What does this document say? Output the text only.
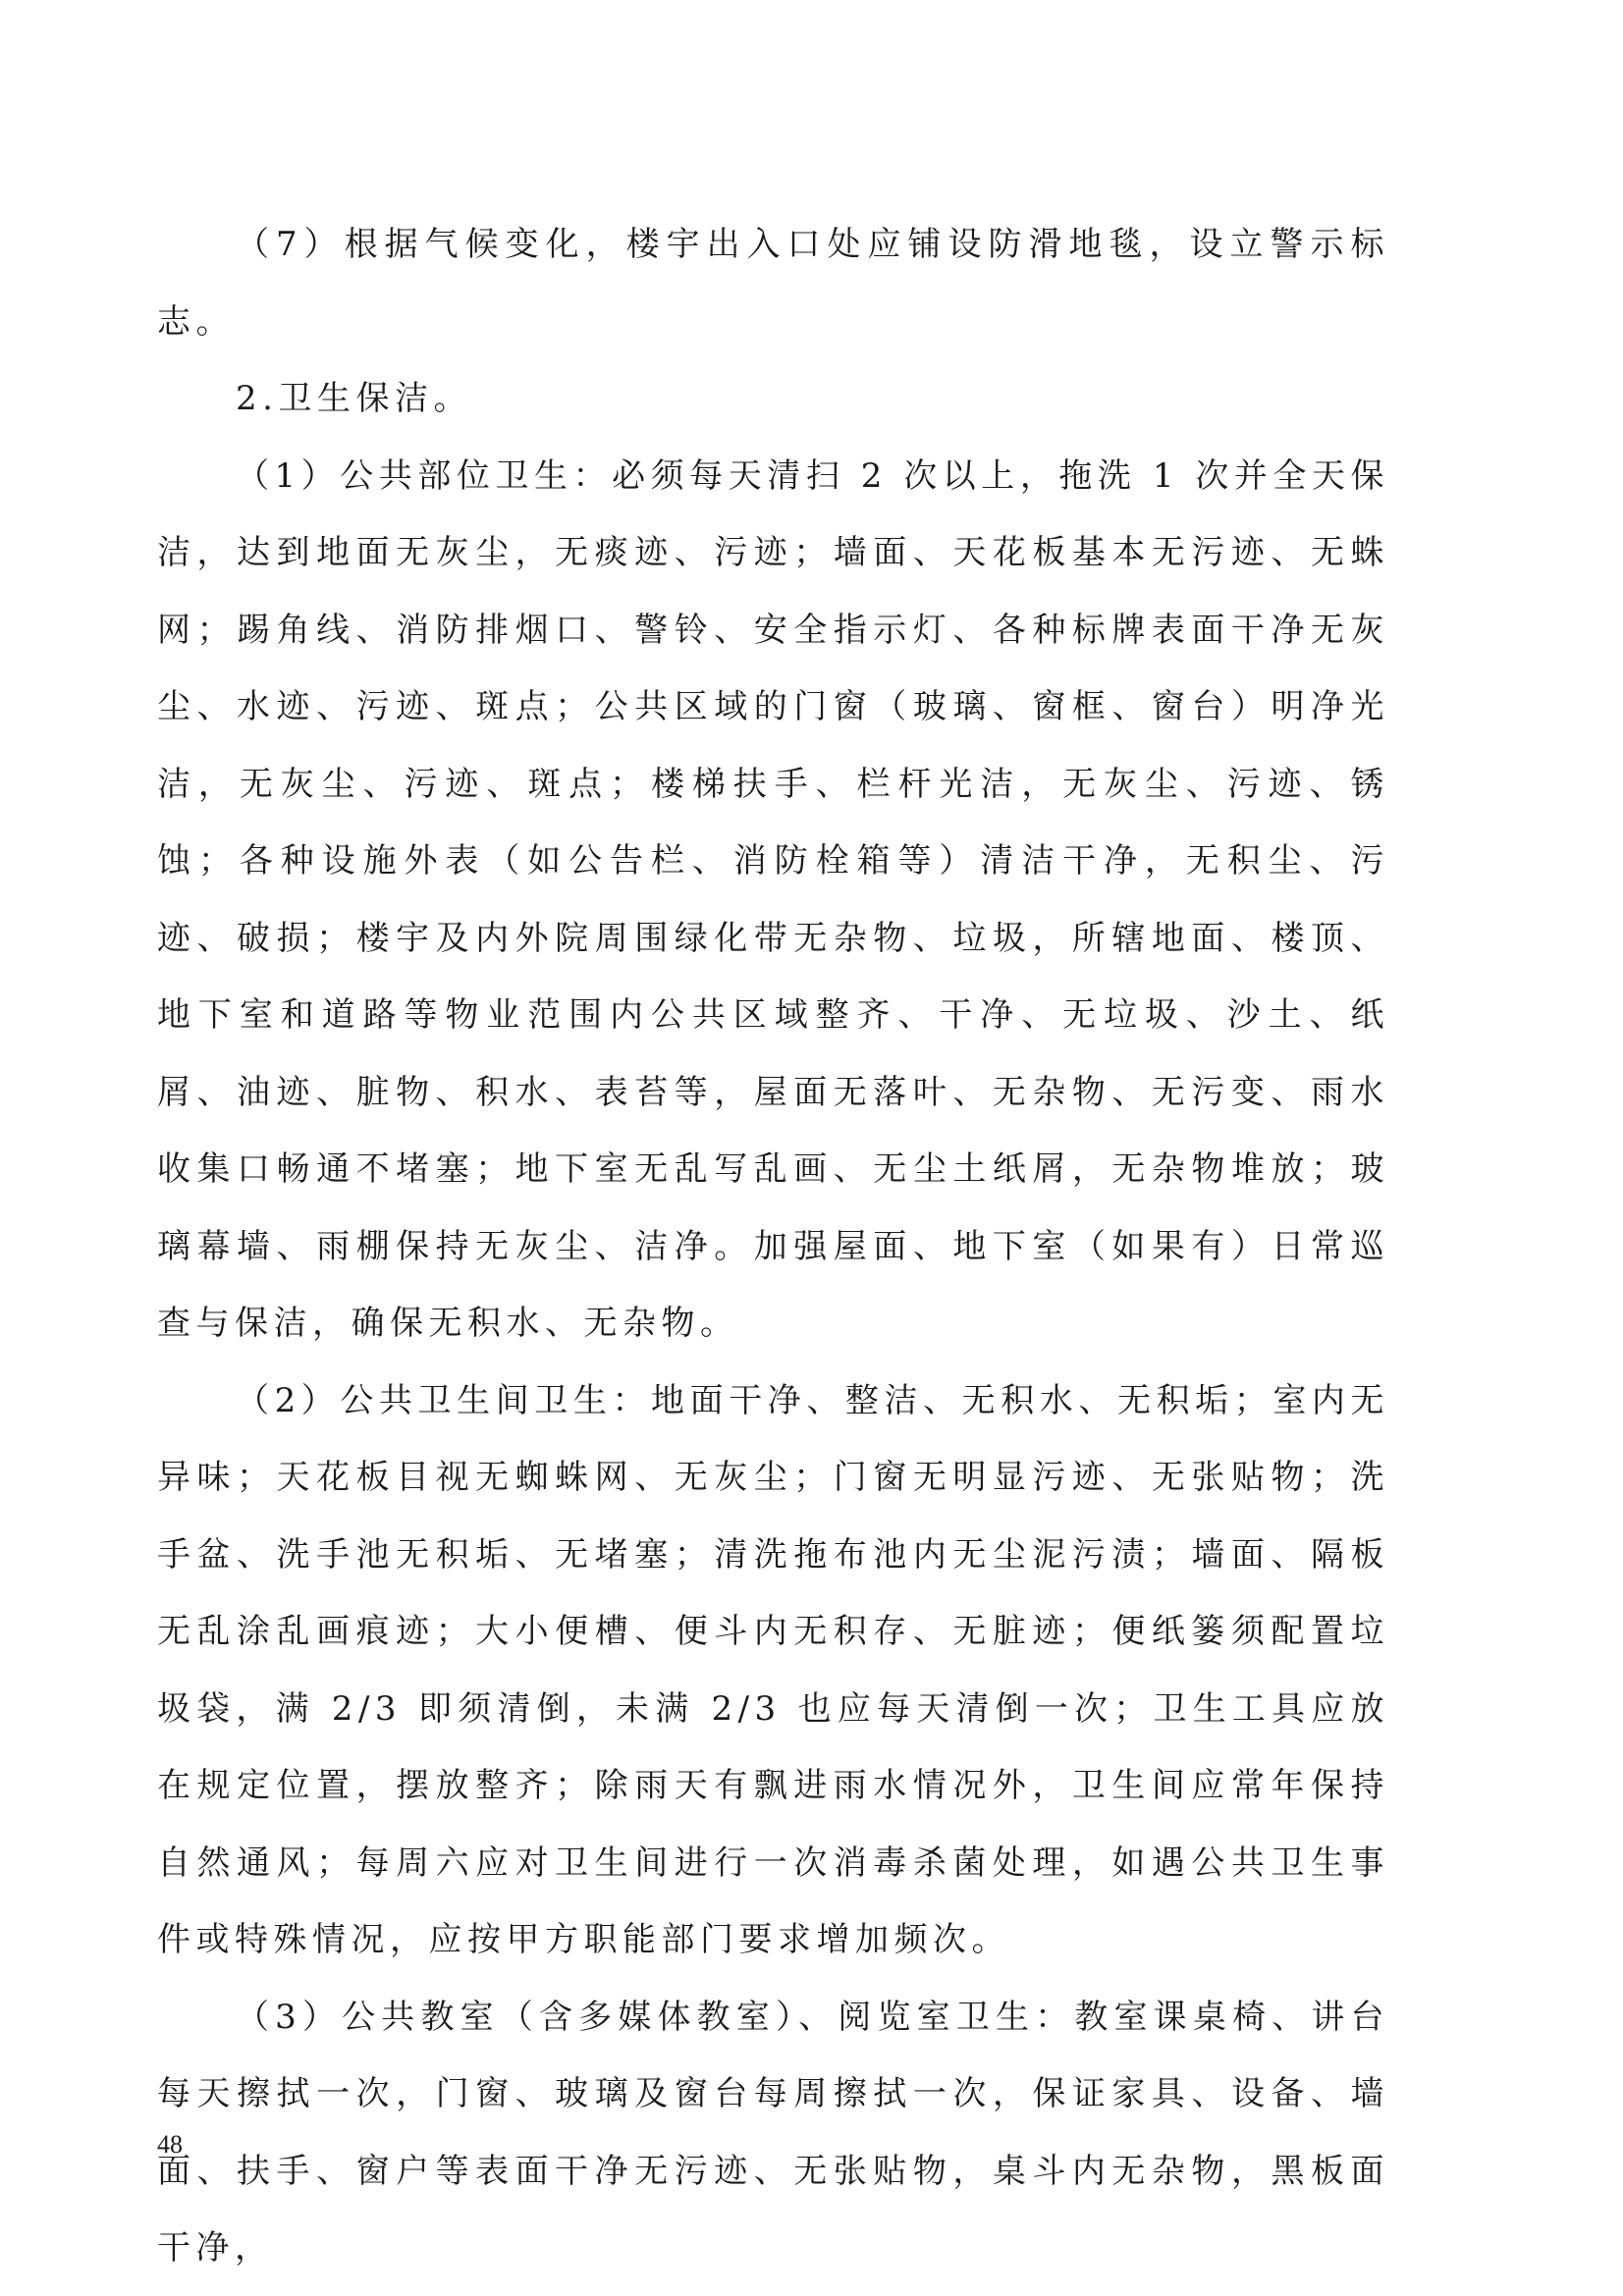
（7）根据气候变化，楼宇出入口处应铺设防滑地毯，设立警示标志。

2.卫生保洁。

（1）公共部位卫生：必须每天清扫 2 次以上，拖洗 1 次并全天保洁，达到地面无灰尘，无痰迹、污迹；墙面、天花板基本无污迹、无蛛网；踢角线、消防排烟口、警铃、安全指示灯、各种标牌表面干净无灰尘、水迹、污迹、斑点；公共区域的门窗（玻璃、窗框、窗台）明净光洁，无灰尘、污迹、斑点；楼梯扶手、栏杆光洁，无灰尘、污迹、锈蚀；各种设施外表（如公告栏、消防栓箱等）清洁干净，无积尘、污迹、破损；楼宇及内外院周围绿化带无杂物、垃圾，所辖地面、楼顶、地下室和道路等物业范围内公共区域整齐、干净、无垃圾、沙土、纸屑、油迹、脏物、积水、表苔等，屋面无落叶、无杂物、无污变、雨水收集口畅通不堵塞；地下室无乱写乱画、无尘土纸屑，无杂物堆放；玻璃幕墙、雨棚保持无灰尘、洁净。加强屋面、地下室（如果有）日常巡查与保洁，确保无积水、无杂物。

（2）公共卫生间卫生：地面干净、整洁、无积水、无积垢；室内无异味；天花板目视无蜘蛛网、无灰尘；门窗无明显污迹、无张贴物；洗手盆、洗手池无积垢、无堵塞；清洗拖布池内无尘泥污渍；墙面、隔板无乱涂乱画痕迹；大小便槽、便斗内无积存、无脏迹；便纸篓须配置垃圾袋，满 2/3 即须清倒，未满 2/3 也应每天清倒一次；卫生工具应放在规定位置，摆放整齐；除雨天有飘进雨水情况外，卫生间应常年保持自然通风；每周六应对卫生间进行一次消毒杀菌处理，如遇公共卫生事件或特殊情况，应按甲方职能部门要求增加频次。

（3）公共教室（含多媒体教室）、阅览室卫生：教室课桌椅、讲台每天擦拭一次，门窗、玻璃及窗台每周擦拭一次，保证家具、设备、墙面、扶手、窗户等表面干净无污迹、无张贴物，桌斗内无杂物，黑板面干净，

48
